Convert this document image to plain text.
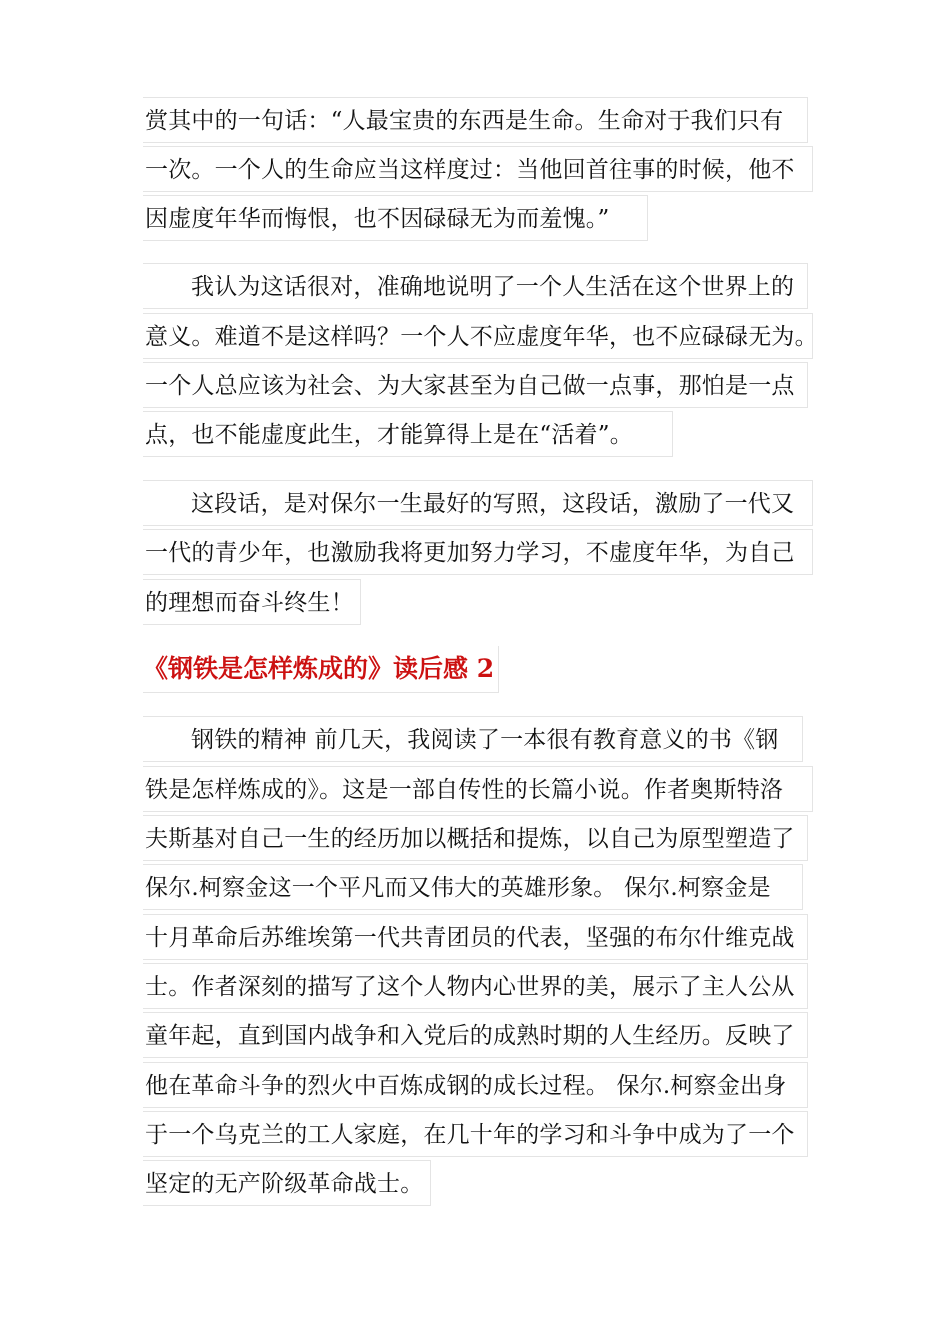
赏其中的一句话：“人最宝贵的东西是生命。生命对于我们只有
一次。一个人的生命应当这样度过：当他回首往事的时候，他不
因虚度年华而悔恨，也不因碌碌无为而羞愧。”
我认为这话很对，准确地说明了一个人生活在这个世界上的
意义。难道不是这样吗？一个人不应虚度年华，也不应碌碌无为。
一个人总应该为社会、为大家甚至为自己做一点事，那怕是一点
点，也不能虚度此生，才能算得上是在“活着”。
这段话，是对保尔一生最好的写照，这段话，激励了一代又
一代的青少年，也激励我将更加努力学习，不虚度年华，为自己
的理想而奋斗终生！
《钢铁是怎样炼成的》读后感 2
钢铁的精神 前几天，我阅读了一本很有教育意义的书《钢
铁是怎样炼成的》。这是一部自传性的长篇小说。作者奥斯特洛
夫斯基对自己一生的经历加以概括和提炼，以自己为原型塑造了
保尔.柯察金这一个平凡而又伟大的英雄形象。 保尔.柯察金是
十月革命后苏维埃第一代共青团员的代表，坚强的布尔什维克战
士。作者深刻的描写了这个人物内心世界的美，展示了主人公从
童年起，直到国内战争和入党后的成熟时期的人生经历。反映了
他在革命斗争的烈火中百炼成钢的成长过程。 保尔.柯察金出身
于一个乌克兰的工人家庭，在几十年的学习和斗争中成为了一个
坚定的无产阶级革命战士。
